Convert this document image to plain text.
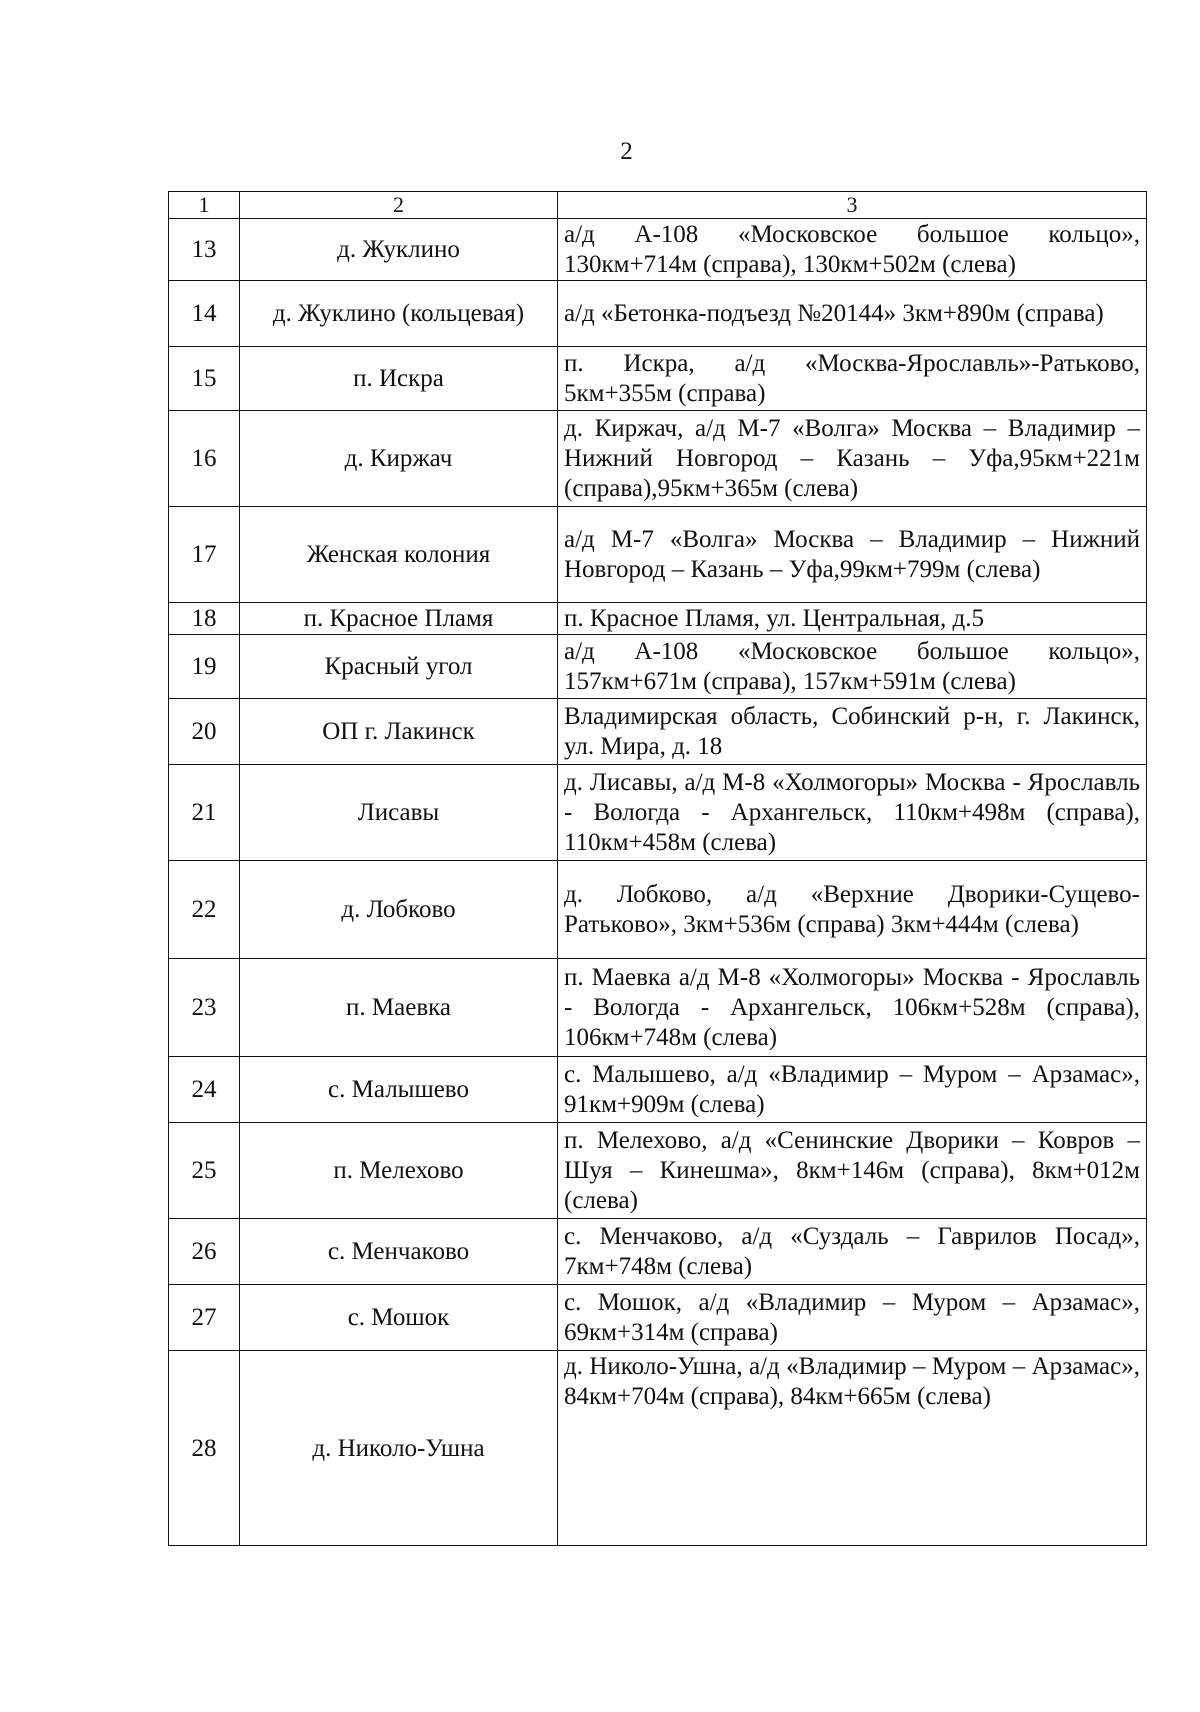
2
1	2	3
13	д. Жуклино	а/д А-108 «Московское большое кольцо», 130км+714м (справа), 130км+502м (слева)
14	д. Жуклино (кольцевая)	а/д «Бетонка-подъезд №20144» 3км+890м (справа)
15	п. Искра	п. Искра, а/д «Москва-Ярославль»-Ратьково, 5км+355м (справа)
16	д. Киржач	д. Киржач, а/д М-7 «Волга» Москва – Владимир – Нижний Новгород – Казань – Уфа,95км+221м (справа),95км+365м (слева)
17	Женская колония	а/д М-7 «Волга» Москва – Владимир – Нижний Новгород – Казань – Уфа,99км+799м (слева)
18	п. Красное Пламя	п. Красное Пламя, ул. Центральная, д.5
19	Красный угол	а/д А-108 «Московское большое кольцо», 157км+671м (справа), 157км+591м (слева)
20	ОП г. Лакинск	Владимирская область, Собинский р-н, г. Лакинск, ул. Мира, д. 18
21	Лисавы	д. Лисавы, а/д М-8 «Холмогоры» Москва - Ярославль - Вологда - Архангельск, 110км+498м (справа), 110км+458м (слева)
22	д. Лобково	д. Лобково, а/д «Верхние Дворики-Сущево-Ратьково», 3км+536м (справа) 3км+444м (слева)
23	п. Маевка	п. Маевка а/д М-8 «Холмогоры» Москва - Ярославль - Вологда - Архангельск, 106км+528м (справа), 106км+748м (слева)
24	с. Малышево	с. Малышево, а/д «Владимир – Муром – Арзамас», 91км+909м (слева)
25	п. Мелехово	п. Мелехово, а/д «Сенинские Дворики – Ковров – Шуя – Кинешма», 8км+146м (справа), 8км+012м (слева)
26	с. Менчаково	с. Менчаково, а/д «Суздаль – Гаврилов Посад», 7км+748м (слева)
27	с. Мошок	с. Мошок, а/д «Владимир – Муром – Арзамас», 69км+314м (справа)
28	д. Николо-Ушна	д. Николо-Ушна, а/д «Владимир – Муром – Арзамас», 84км+704м (справа), 84км+665м (слева)
